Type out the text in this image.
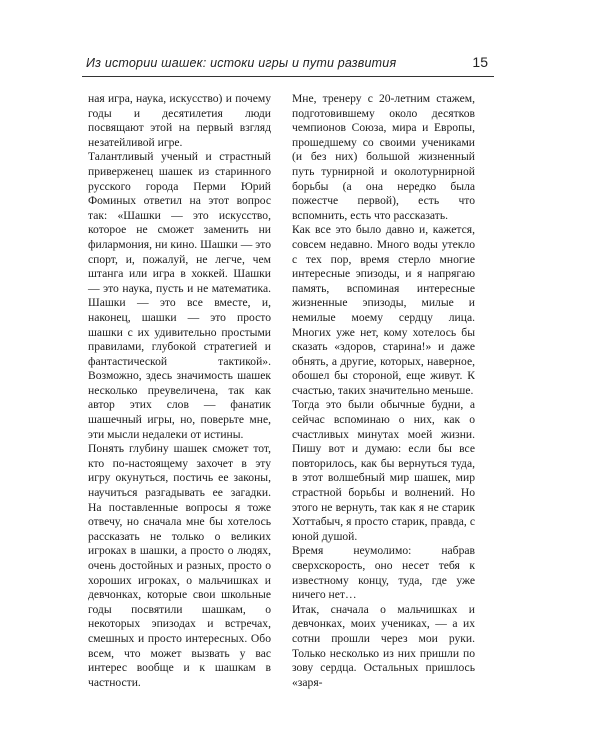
Из истории шашек: истоки игры и пути развития	15

ная игра, наука, искусство) и почему годы и десятилетия люди посвящают этой на первый взгляд незатейливой игре.

Талантливый ученый и страстный приверженец шашек из старинного русского города Перми Юрий Фоминых ответил на этот вопрос так: «Шашки — это искусство, которое не сможет заменить ни филармония, ни кино. Шашки — это спорт, и, пожалуй, не легче, чем штанга или игра в хоккей. Шашки — это наука, пусть и не математика. Шашки — это все вместе, и, наконец, шашки — это просто шашки с их удивительно простыми правилами, глубокой стратегией и фантастической тактикой». Возможно, здесь значимость шашек несколько преувеличена, так как автор этих слов — фанатик шашечный игры, но, поверьте мне, эти мысли недалеки от истины.

Понять глубину шашек сможет тот, кто по-настоящему захочет в эту игру окунуться, постичь ее законы, научиться разгадывать ее загадки. На поставленные вопросы я тоже отвечу, но сначала мне бы хотелось рассказать не только о великих игроках в шашки, а просто о людях, очень достойных и разных, просто о хороших игроках, о мальчишках и девчонках, которые свои школьные годы посвятили шашкам, о некоторых эпизодах и встречах, смешных и просто интересных. Обо всем, что может вызвать у вас интерес вообще и к шашкам в частности.

Мне, тренеру с 20-летним стажем, подготовившему около десятков чемпионов Союза, мира и Европы, прошедшему со своими учениками (и без них) большой жизненный путь турнирной и околотурнирной борьбы (а она нередко была пожестче первой), есть что вспомнить, есть что рассказать.

Как все это было давно и, кажется, совсем недавно. Много воды утекло с тех пор, время стерло многие интересные эпизоды, и я напрягаю память, вспоминая интересные жизненные эпизоды, милые и немилые моему сердцу лица. Многих уже нет, кому хотелось бы сказать «здоров, старина!» и даже обнять, а другие, которых, наверное, обошел бы стороной, еще живут. К счастью, таких значительно меньше.

Тогда это были обычные будни, а сейчас вспоминаю о них, как о счастливых минутах моей жизни. Пишу вот и думаю: если бы все повторилось, как бы вернуться туда, в этот волшебный мир шашек, мир страстной борьбы и волнений. Но этого не вернуть, так как я не старик Хоттабыч, я просто старик, правда, с юной душой.

Время неумолимо: набрав сверхскорость, оно несет тебя к известному концу, туда, где уже ничего нет…

Итак, сначала о мальчишках и девчонках, моих учениках, — а их сотни прошли через мои руки. Только несколько из них пришли по зову сердца. Остальных пришлось «заря-
